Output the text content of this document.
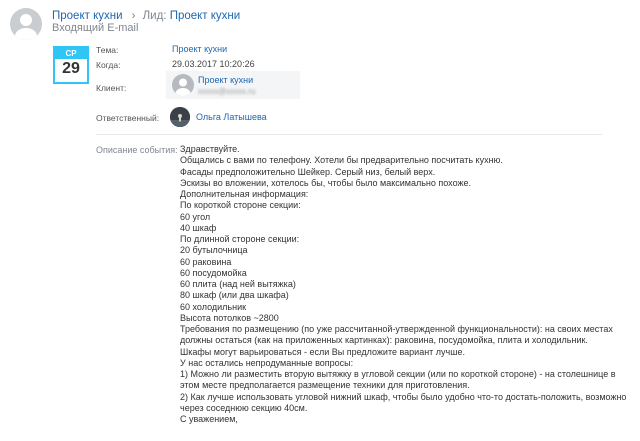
Проект кухни › Лид: Проект кухни
Входящий E-mail
СР
29
Тема:	Проект кухни
Когда:	29.03.2017 10:20:26
Клиент:
Проект кухни
ххххх@ххххх.ru
Ответственный:	Ольга Латышева
Описание события: Здравствуйте.
Общались с вами по телефону. Хотели бы предварительно посчитать кухню.
Фасады предположительно Шейкер. Серый низ, белый верх.
Эскизы во вложении, хотелось бы, чтобы было максимально похоже.
Дополнительная информация:
По короткой стороне секции:
60 угол
40 шкаф
По длинной стороне секции:
20 бутылочница
60 раковина
60 посудомойка
60 плита (над ней вытяжка)
80 шкаф (или два шкафа)
60 холодильник
Высота потолков ~2800
Требования по размещению (по уже рассчитанной-утвержденной функциональности): на своих местах
должны остаться (как на приложенных картинках): раковина, посудомойка, плита и холодильник.
Шкафы могут варьироваться - если Вы предложите вариант лучше.
У нас остались непродуманные вопросы:
1) Можно ли разместить вторую вытяжку в угловой секции (или по короткой стороне) - на столешнице в
этом месте предполагается размещение техники для приготовления.
2) Как лучше использовать угловой нижний шкаф, чтобы было удобно что-то достать-положить, возможно
через соседнюю секцию 40см.
С уважением,
